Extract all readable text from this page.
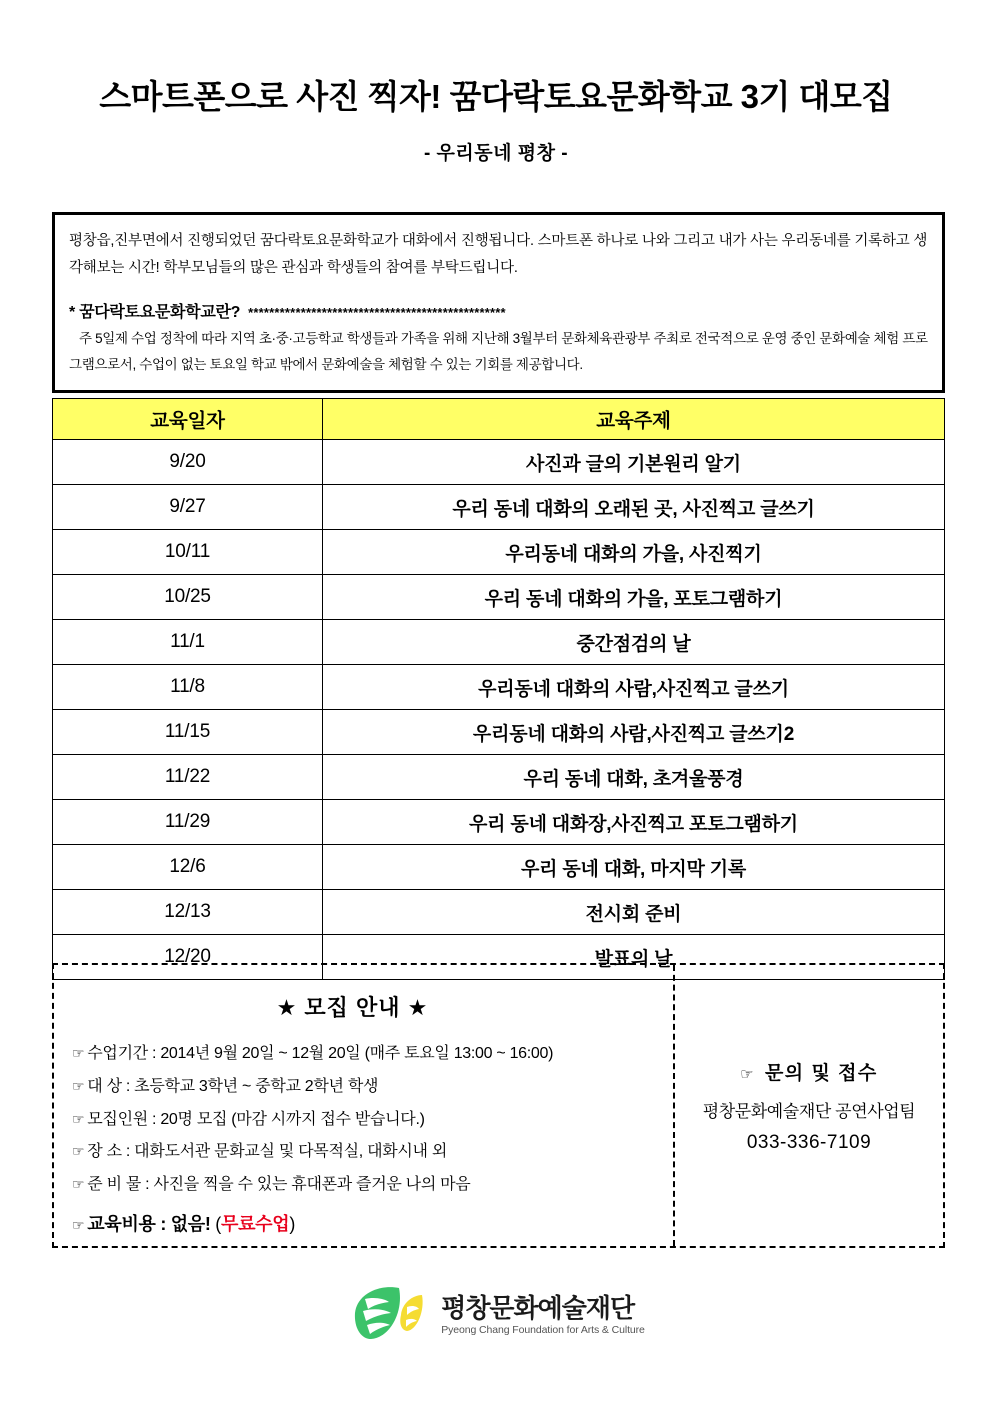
스마트폰으로 사진 찍자! 꿈다락토요문화학교 3기 대모집
- 우리동네 평창 -

평창읍,진부면에서 진행되었던 꿈다락토요문화학교가 대화에서 진행됩니다. 스마트폰 하나로 나와 그리고 내가 사는 우리동네를 기록하고 생각해보는 시간! 학부모님들의 많은 관심과 학생들의 참여를 부탁드립니다.

* 꿈다락토요문화학교란? *************************************************

주 5일제 수업 정착에 따라 지역 초·중·고등학교 학생들과 가족을 위해 지난해 3월부터 문화체육관광부 주최로 전국적으로 운영 중인 문화예술 체험 프로그램으로서, 수업이 없는 토요일 학교 밖에서 문화예술을 체험할 수 있는 기회를 제공합니다.

교육일자	교육주제
9/20	사진과 글의 기본원리 알기
9/27	우리 동네 대화의 오래된 곳, 사진찍고 글쓰기
10/11	우리동네 대화의 가을, 사진찍기
10/25	우리 동네 대화의 가을, 포토그램하기
11/1	중간점검의 날
11/8	우리동네 대화의 사람,사진찍고 글쓰기
11/15	우리동네 대화의 사람,사진찍고 글쓰기2
11/22	우리 동네 대화, 초겨울풍경
11/29	우리 동네 대화장,사진찍고 포토그램하기
12/6	우리 동네 대화, 마지막 기록
12/13	전시회 준비
12/20	발표의 날
★ 모집 안내 ★
☞ 수업기간 : 2014년 9월 20일 ~ 12월 20일 (매주 토요일 13:00 ~ 16:00)
☞ 대 상 : 초등학교 3학년 ~ 중학교 2학년 학생
☞ 모집인원 : 20명 모집 (마감 시까지 접수 받습니다.)
☞ 장 소 : 대화도서관 문화교실 및 다목적실, 대화시내 외
☞ 준 비 물 : 사진을 찍을 수 있는 휴대폰과 즐거운 나의 마음
☞ 교육비용 : 없음! (무료수업)
☞ 문의 및 접수
평창문화예술재단 공연사업팀
033-336-7109
평창문화예술재단
Pyeong Chang Foundation for Arts & Culture
